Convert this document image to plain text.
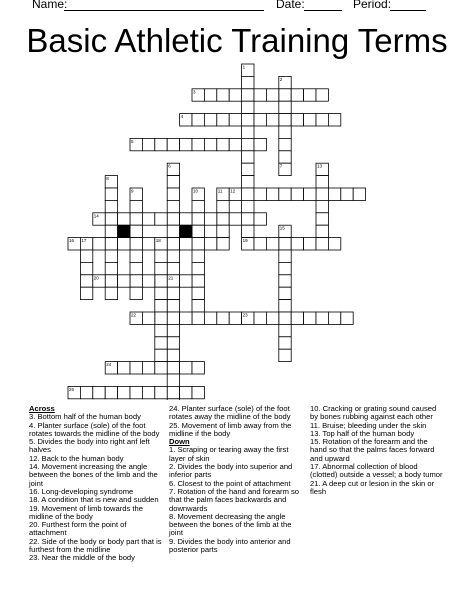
Name:	Date:	Period:
Basic Athletic Training Terms
1
2
3
4
5
6	7
8
9	10	11 12
13
14
15
16 17	18	19
20	21
22	23
24
25
Across
3. Bottom half of the human body
4. Planter surface (sole) of the foot rotates towards the midline of the body
5. Divides the body into right anf left halves
12. Back to the human body
14. Movement increasing the angle between the bones of the limb and the joint
16. Long-developing syndrome
18. A condition that is new and sudden
19. Movement of limb towards the midline of the body
20. Furthest form the point of attachment
22. Side of the body or body part that is furthest from the midline
23. Near the middle of the body
24. Planter surface (sole) of the foot rotates away the midline of the body
25. Movement of limb away from the midline if the body
Down
1. Scraping or tearing away the first layer of skin
2. Divides the body into superior and inferior parts
6. Closest to the point of attachment
7. Rotation of the hand and forearm so that the palm faces backwards and downwards
8. Movement decreasing the angle between the bones of the limb at the joint
9. Divides the body into anterior and posterior parts
10. Cracking or grating sound caused by bones rubbing against each other
11. Bruise; bleeding under the skin
13. Top half of the human body
15. Rotation of the forearm and the hand so that the palms faces forward and upward
17. Abnormal collection of blood (clotted) outside a vessel; a body tumor
21. A deep cut or lesion in the skin or flesh
